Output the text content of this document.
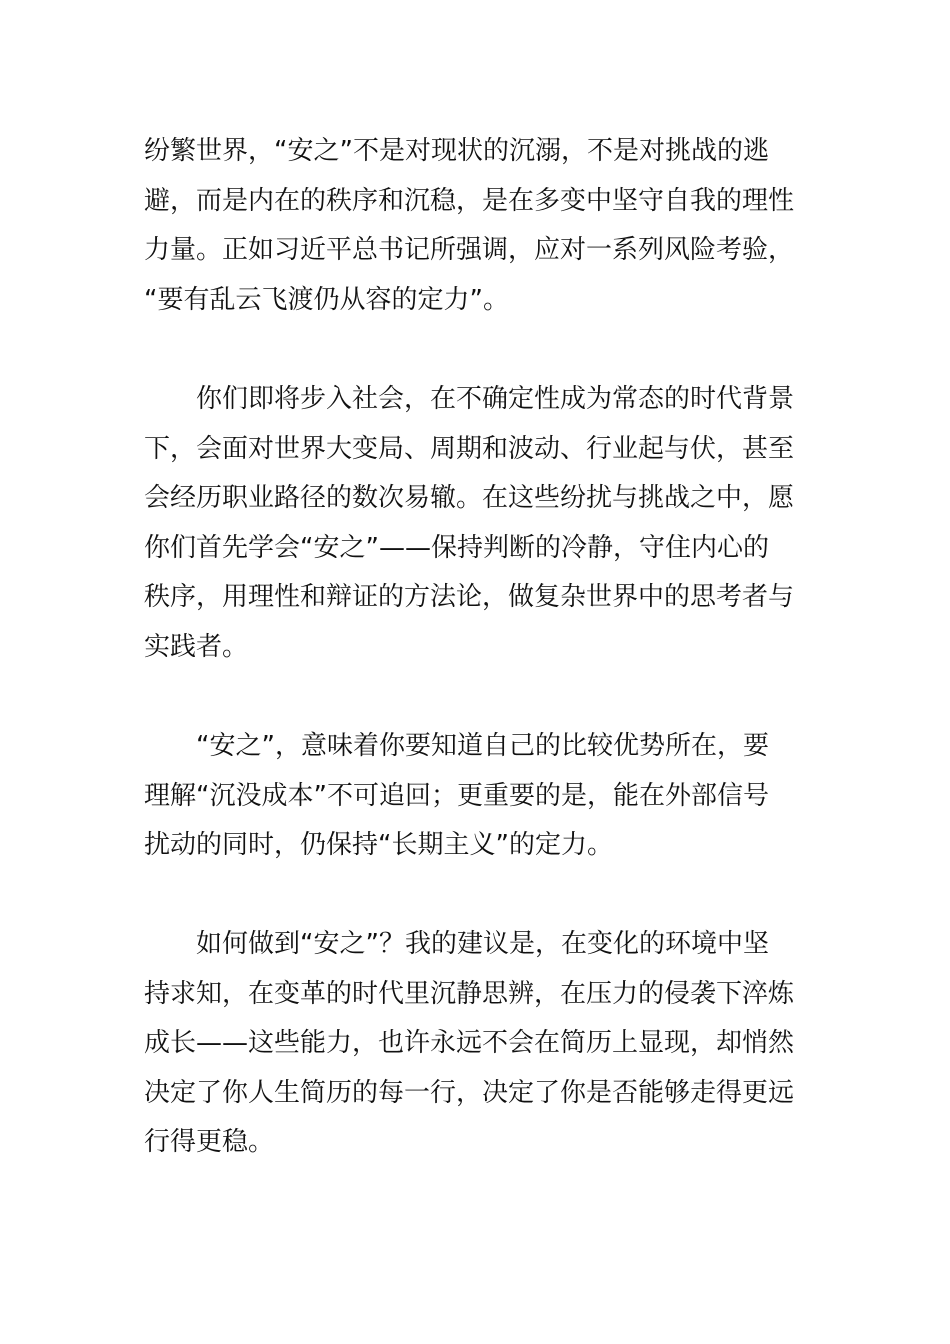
纷繁世界，“安之”不是对现状的沉溺，不是对挑战的逃
避，而是内在的秩序和沉稳，是在多变中坚守自我的理性
力量。正如习近平总书记所强调，应对一系列风险考验，
“要有乱云飞渡仍从容的定力”。
你们即将步入社会，在不确定性成为常态的时代背景
下，会面对世界大变局、周期和波动、行业起与伏，甚至
会经历职业路径的数次易辙。在这些纷扰与挑战之中，愿
你们首先学会“安之”——保持判断的冷静，守住内心的
秩序，用理性和辩证的方法论，做复杂世界中的思考者与
实践者。
“安之”，意味着你要知道自己的比较优势所在，要
理解“沉没成本”不可追回；更重要的是，能在外部信号
扰动的同时，仍保持“长期主义”的定力。
如何做到“安之”？我的建议是，在变化的环境中坚
持求知，在变革的时代里沉静思辨，在压力的侵袭下淬炼
成长——这些能力，也许永远不会在简历上显现，却悄然
决定了你人生简历的每一行，决定了你是否能够走得更远
行得更稳。
